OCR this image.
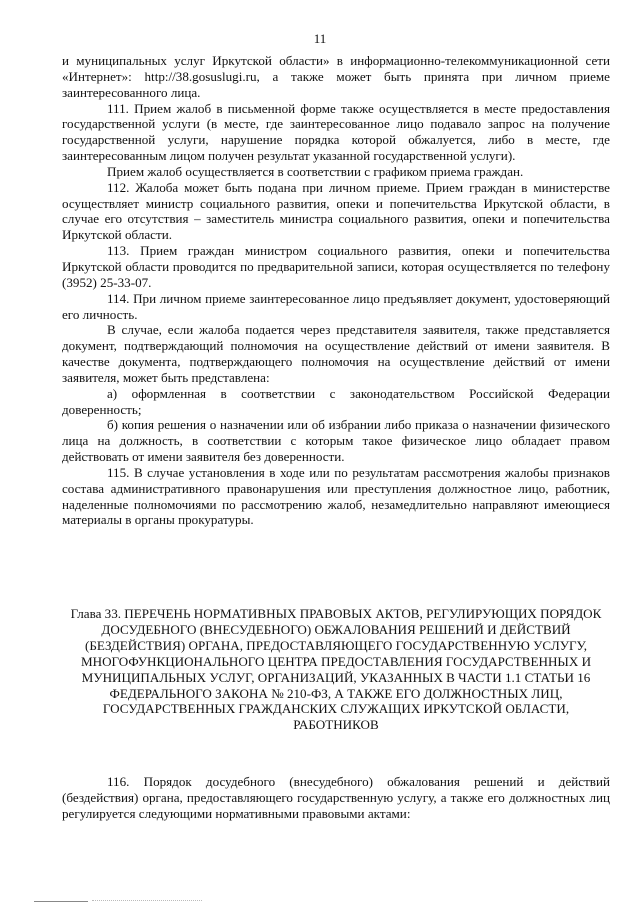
11

и муниципальных услуг Иркутской области» в информационно-телекоммуникационной сети «Интернет»: http://38.gosuslugi.ru, а также может быть принята при личном приеме заинтересованного лица.

111. Прием жалоб в письменной форме также осуществляется в месте предоставления государственной услуги (в месте, где заинтересованное лицо подавало запрос на получение государственной услуги, нарушение порядка которой обжалуется, либо в месте, где заинтересованным лицом получен результат указанной государственной услуги).

Прием жалоб осуществляется в соответствии с графиком приема граждан.

112. Жалоба может быть подана при личном приеме. Прием граждан в министерстве осуществляет министр социального развития, опеки и попечительства Иркутской области, в случае его отсутствия – заместитель министра социального развития, опеки и попечительства Иркутской области.

113. Прием граждан министром социального развития, опеки и попечительства Иркутской области проводится по предварительной записи, которая осуществляется по телефону (3952) 25-33-07.

114. При личном приеме заинтересованное лицо предъявляет документ, удостоверяющий его личность.

В случае, если жалоба подается через представителя заявителя, также представляется документ, подтверждающий полномочия на осуществление действий от имени заявителя. В качестве документа, подтверждающего полномочия на осуществление действий от имени заявителя, может быть представлена:

а) оформленная в соответствии с законодательством Российской Федерации доверенность;

б) копия решения о назначении или об избрании либо приказа о назначении физического лица на должность, в соответствии с которым такое физическое лицо обладает правом действовать от имени заявителя без доверенности.

115. В случае установления в ходе или по результатам рассмотрения жалобы признаков состава административного правонарушения или преступления должностное лицо, работник, наделенные полномочиями по рассмотрению жалоб, незамедлительно направляют имеющиеся материалы в органы прокуратуры.

Глава 33. ПЕРЕЧЕНЬ НОРМАТИВНЫХ ПРАВОВЫХ АКТОВ, РЕГУЛИРУЮЩИХ ПОРЯДОК ДОСУДЕБНОГО (ВНЕСУДЕБНОГО) ОБЖАЛОВАНИЯ РЕШЕНИЙ И ДЕЙСТВИЙ (БЕЗДЕЙСТВИЯ) ОРГАНА, ПРЕДОСТАВЛЯЮЩЕГО ГОСУДАРСТВЕННУЮ УСЛУГУ, МНОГОФУНКЦИОНАЛЬНОГО ЦЕНТРА ПРЕДОСТАВЛЕНИЯ ГОСУДАРСТВЕННЫХ И МУНИЦИПАЛЬНЫХ УСЛУГ, ОРГАНИЗАЦИЙ, УКАЗАННЫХ В ЧАСТИ 1.1 СТАТЬИ 16 ФЕДЕРАЛЬНОГО ЗАКОНА № 210-ФЗ, А ТАКЖЕ ЕГО ДОЛЖНОСТНЫХ ЛИЦ, ГОСУДАРСТВЕННЫХ ГРАЖДАНСКИХ СЛУЖАЩИХ ИРКУТСКОЙ ОБЛАСТИ, РАБОТНИКОВ

116. Порядок досудебного (внесудебного) обжалования решений и действий (бездействия) органа, предоставляющего государственную услугу, а также его должностных лиц регулируется следующими нормативными правовыми актами:
